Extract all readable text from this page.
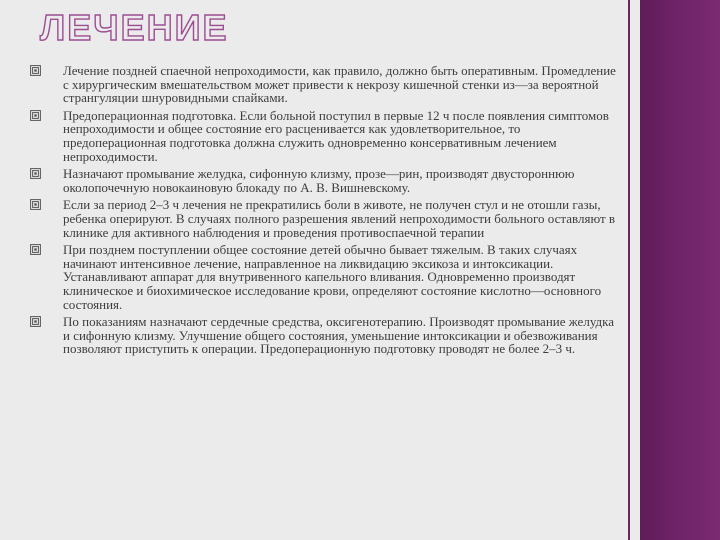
ЛЕЧЕНИЕ
Лечение поздней спаечной непроходимости, как правило, должно быть оперативным. Промедление с хирургическим вмешательством может привести к некрозу кишечной стенки из—за вероятной странгуляции шнуровидными спайками.
Предоперационная подготовка. Если больной поступил в первые 12 ч после появления симптомов непроходимости и общее состояние его расценивается как удовлетворительное, то предоперационная подготовка должна служить одновременно консервативным лечением непроходимости.
Назначают промывание желудка, сифонную клизму, прозе—рин, производят двустороннюю околопочечную новокаиновую блокаду по А. В. Вишневскому.
Если за период 2–3 ч лечения не прекратились боли в животе, не получен стул и не отошли газы, ребенка оперируют. В случаях полного разрешения явлений непроходимости больного оставляют в клинике для активного наблюдения и проведения противоспаечной терапии
При позднем поступлении общее состояние детей обычно бывает тяжелым. В таких случаях начинают интенсивное лечение, направленное на ликвидацию эксикоза и интоксикации. Устанавливают аппарат для внутривенного капельного вливания. Одновременно производят клиническое и биохимическое исследование крови, определяют состояние кислотно—основного состояния.
По показаниям назначают сердечные средства, оксигенотерапию. Производят промывание желудка и сифонную клизму. Улучшение общего состояния, уменьшение интоксикации и обезвоживания позволяют приступить к операции. Предоперационную подготовку проводят не более 2–3 ч.
